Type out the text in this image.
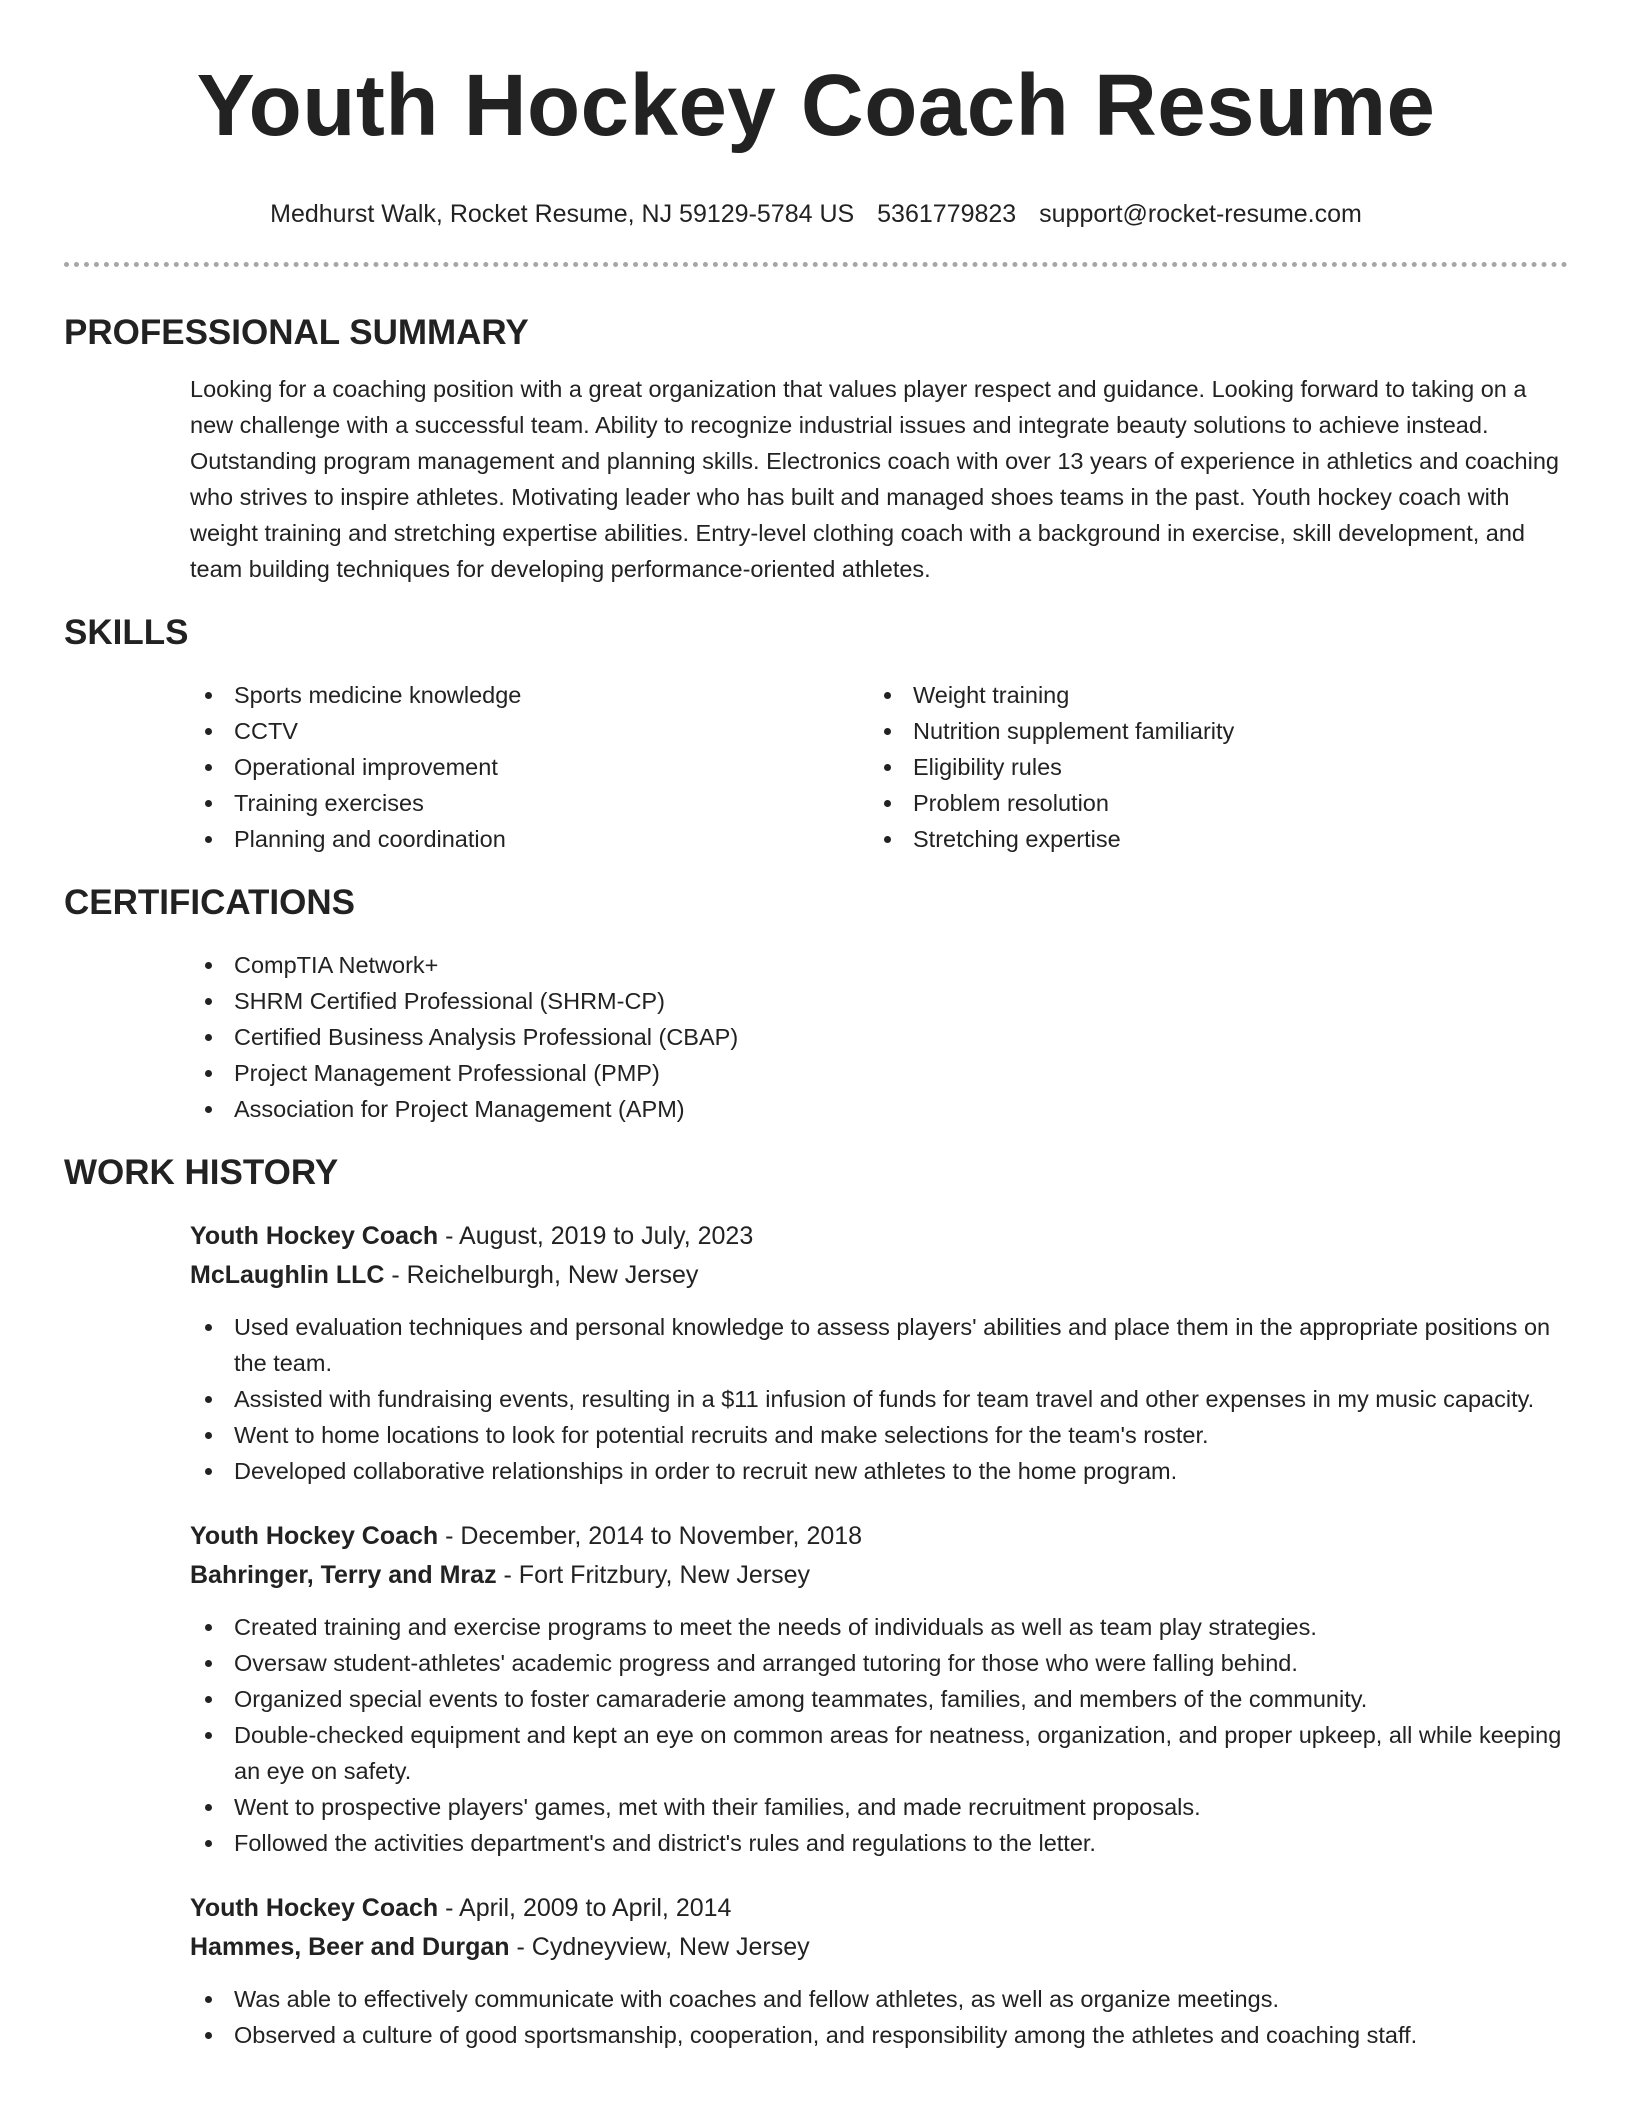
Youth Hockey Coach Resume
Medhurst Walk, Rocket Resume, NJ 59129-5784 US 5361779823 support@rocket-resume.com
PROFESSIONAL SUMMARY
Looking for a coaching position with a great organization that values player respect and guidance. Looking forward to taking on a new challenge with a successful team. Ability to recognize industrial issues and integrate beauty solutions to achieve instead. Outstanding program management and planning skills. Electronics coach with over 13 years of experience in athletics and coaching who strives to inspire athletes. Motivating leader who has built and managed shoes teams in the past. Youth hockey coach with weight training and stretching expertise abilities. Entry-level clothing coach with a background in exercise, skill development, and team building techniques for developing performance-oriented athletes.
SKILLS
Sports medicine knowledge
CCTV
Operational improvement
Training exercises
Planning and coordination
Weight training
Nutrition supplement familiarity
Eligibility rules
Problem resolution
Stretching expertise
CERTIFICATIONS
CompTIA Network+
SHRM Certified Professional (SHRM-CP)
Certified Business Analysis Professional (CBAP)
Project Management Professional (PMP)
Association for Project Management (APM)
WORK HISTORY
Youth Hockey Coach - August, 2019 to July, 2023
McLaughlin LLC - Reichelburgh, New Jersey
Used evaluation techniques and personal knowledge to assess players' abilities and place them in the appropriate positions on the team.
Assisted with fundraising events, resulting in a $11 infusion of funds for team travel and other expenses in my music capacity.
Went to home locations to look for potential recruits and make selections for the team's roster.
Developed collaborative relationships in order to recruit new athletes to the home program.
Youth Hockey Coach - December, 2014 to November, 2018
Bahringer, Terry and Mraz - Fort Fritzbury, New Jersey
Created training and exercise programs to meet the needs of individuals as well as team play strategies.
Oversaw student-athletes' academic progress and arranged tutoring for those who were falling behind.
Organized special events to foster camaraderie among teammates, families, and members of the community.
Double-checked equipment and kept an eye on common areas for neatness, organization, and proper upkeep, all while keeping an eye on safety.
Went to prospective players' games, met with their families, and made recruitment proposals.
Followed the activities department's and district's rules and regulations to the letter.
Youth Hockey Coach - April, 2009 to April, 2014
Hammes, Beer and Durgan - Cydneyview, New Jersey
Was able to effectively communicate with coaches and fellow athletes, as well as organize meetings.
Observed a culture of good sportsmanship, cooperation, and responsibility among the athletes and coaching staff.
